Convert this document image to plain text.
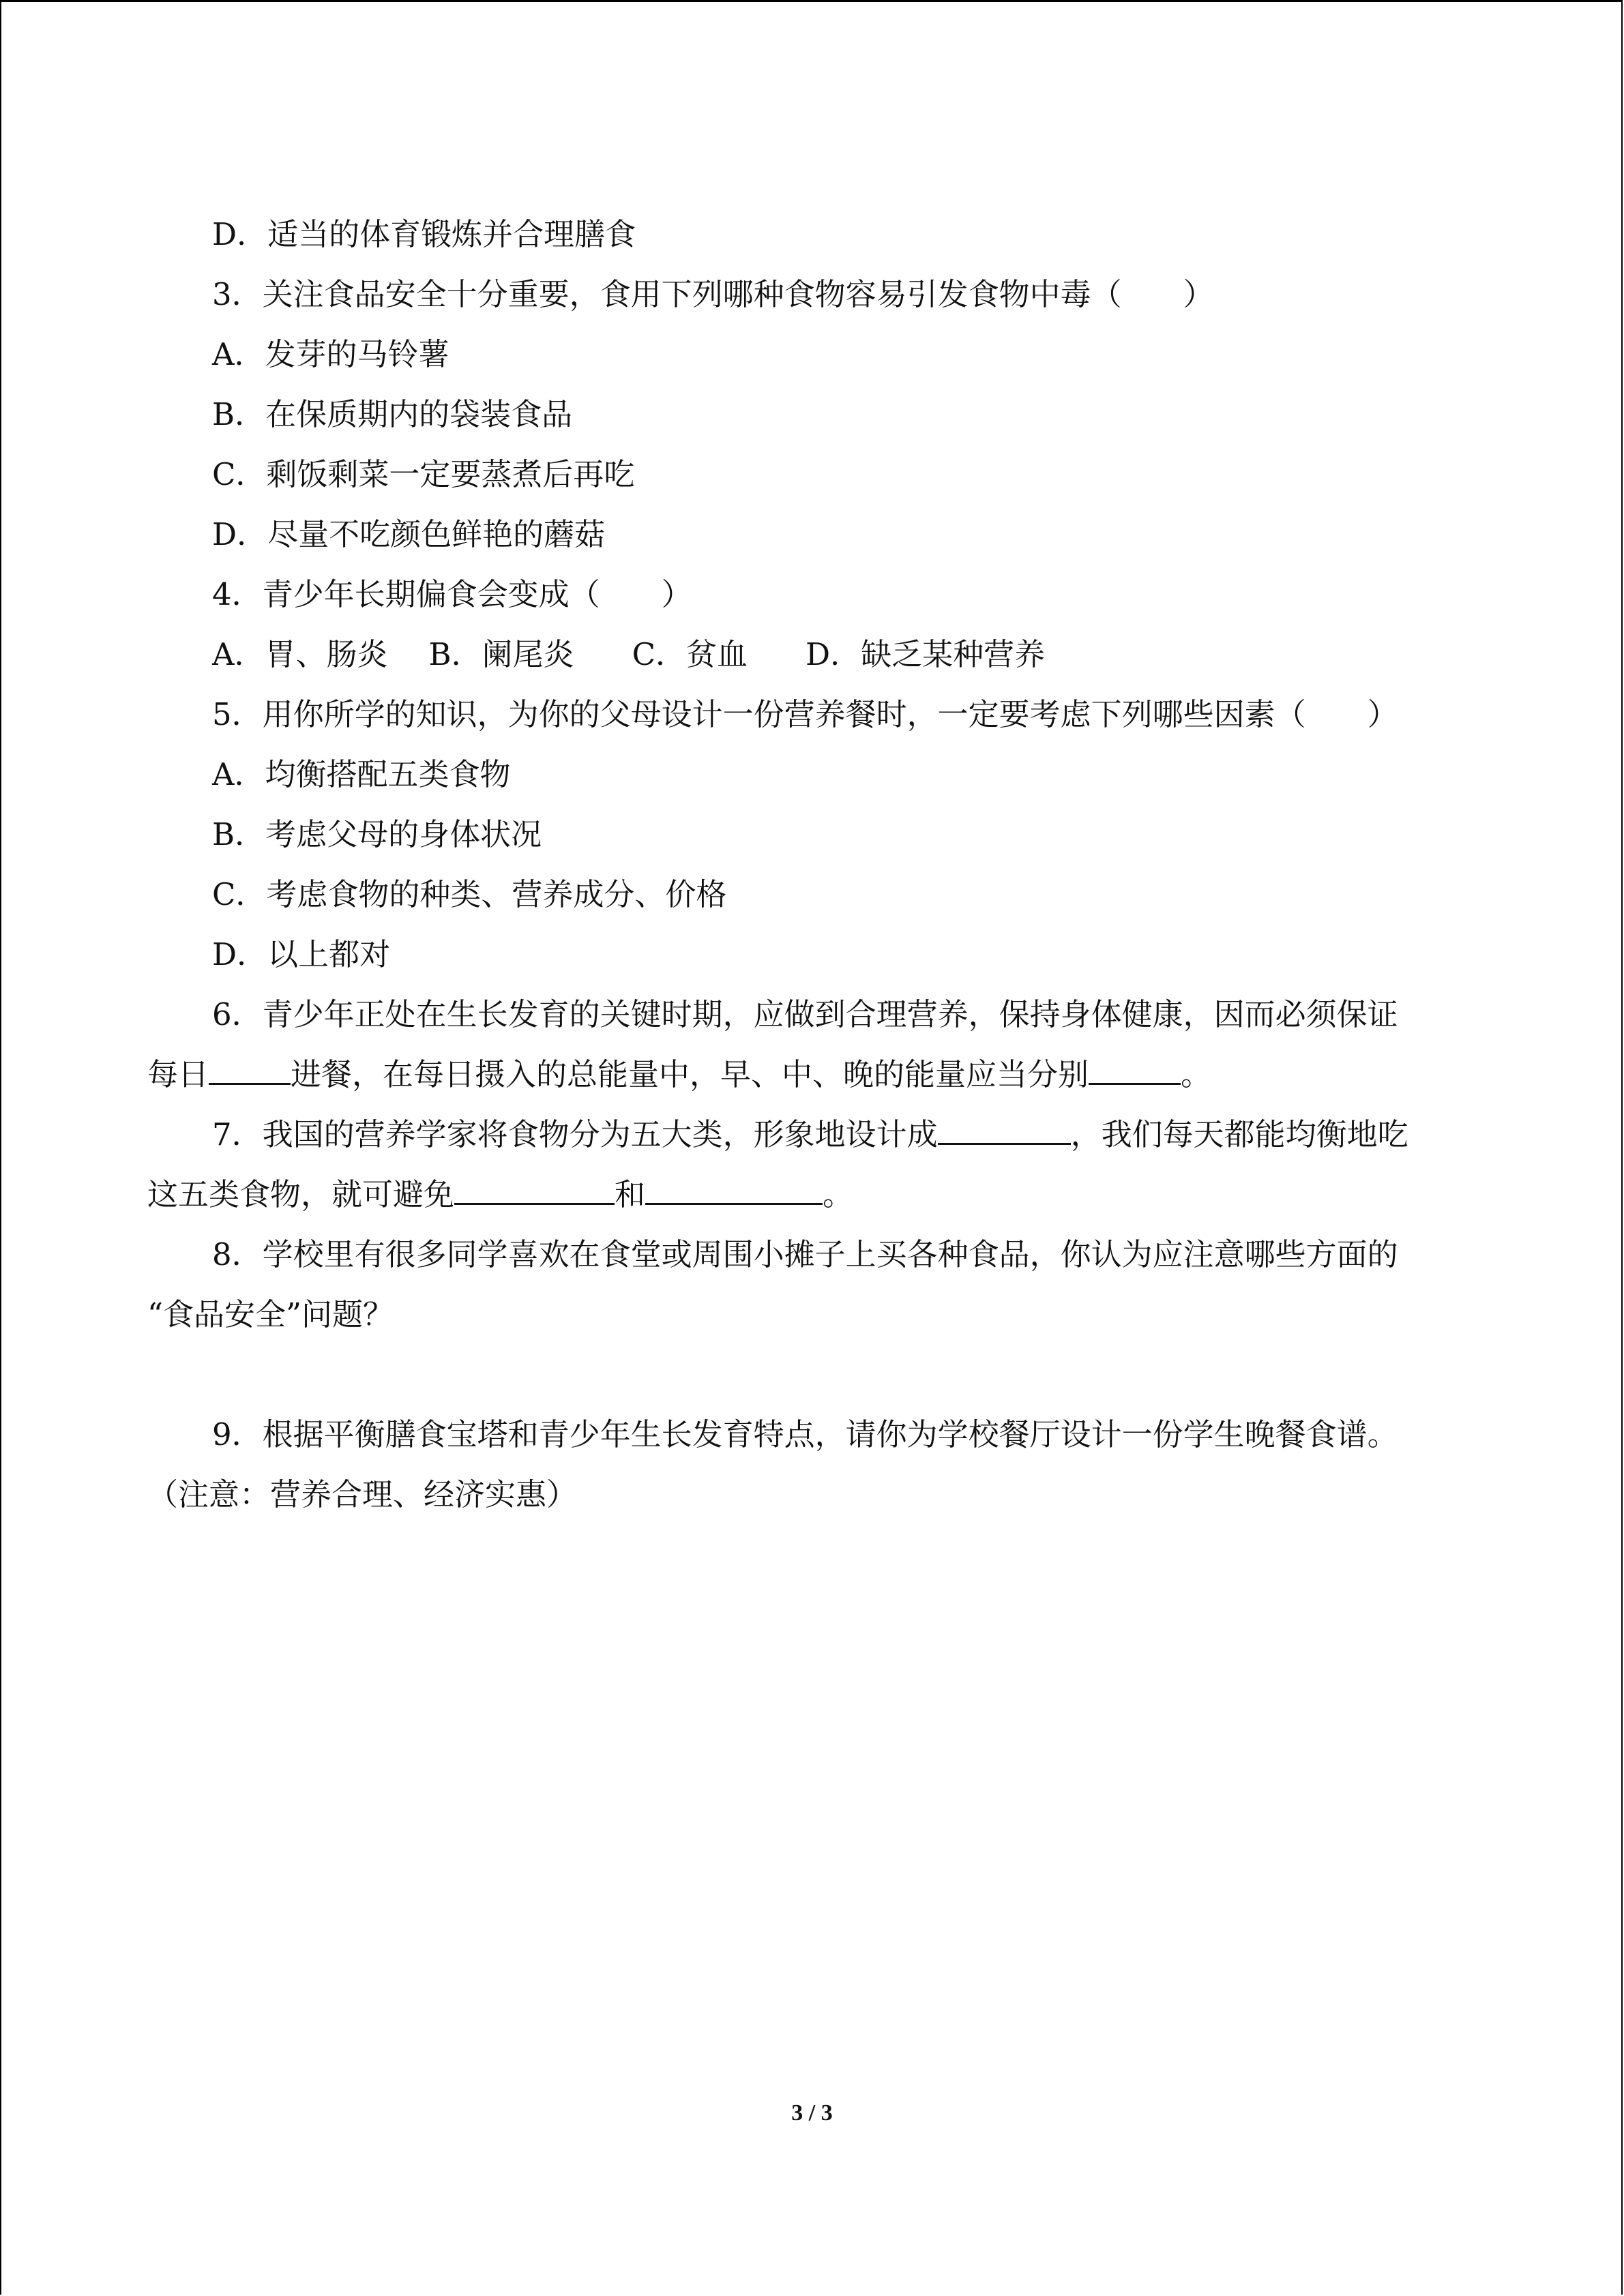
D．适当的体育锻炼并合理膳食
3．关注食品安全十分重要，食用下列哪种食物容易引发食物中毒（　　）
A．发芽的马铃薯
B．在保质期内的袋装食品
C．剩饭剩菜一定要蒸煮后再吃
D．尽量不吃颜色鲜艳的蘑菇
4．青少年长期偏食会变成（　　）
A．胃、肠炎 B．阑尾炎 C．贫血 D．缺乏某种营养
5．用你所学的知识，为你的父母设计一份营养餐时，一定要考虑下列哪些因素（　　）
A．均衡搭配五类食物
B．考虑父母的身体状况
C．考虑食物的种类、营养成分、价格
D．以上都对
6．青少年正处在生长发育的关键时期，应做到合理营养，保持身体健康，因而必须保证
每日	进餐，在每日摄入的总能量中，早、中、晚的能量应当分别	。
7．我国的营养学家将食物分为五大类，形象地设计成	，我们每天都能均衡地吃
这五类食物，就可避免	和	。
8．学校里有很多同学喜欢在食堂或周围小摊子上买各种食品，你认为应注意哪些方面的
“食品安全”问题？
9．根据平衡膳食宝塔和青少年生长发育特点，请你为学校餐厅设计一份学生晚餐食谱。
（注意：营养合理、经济实惠）
3 / 3
